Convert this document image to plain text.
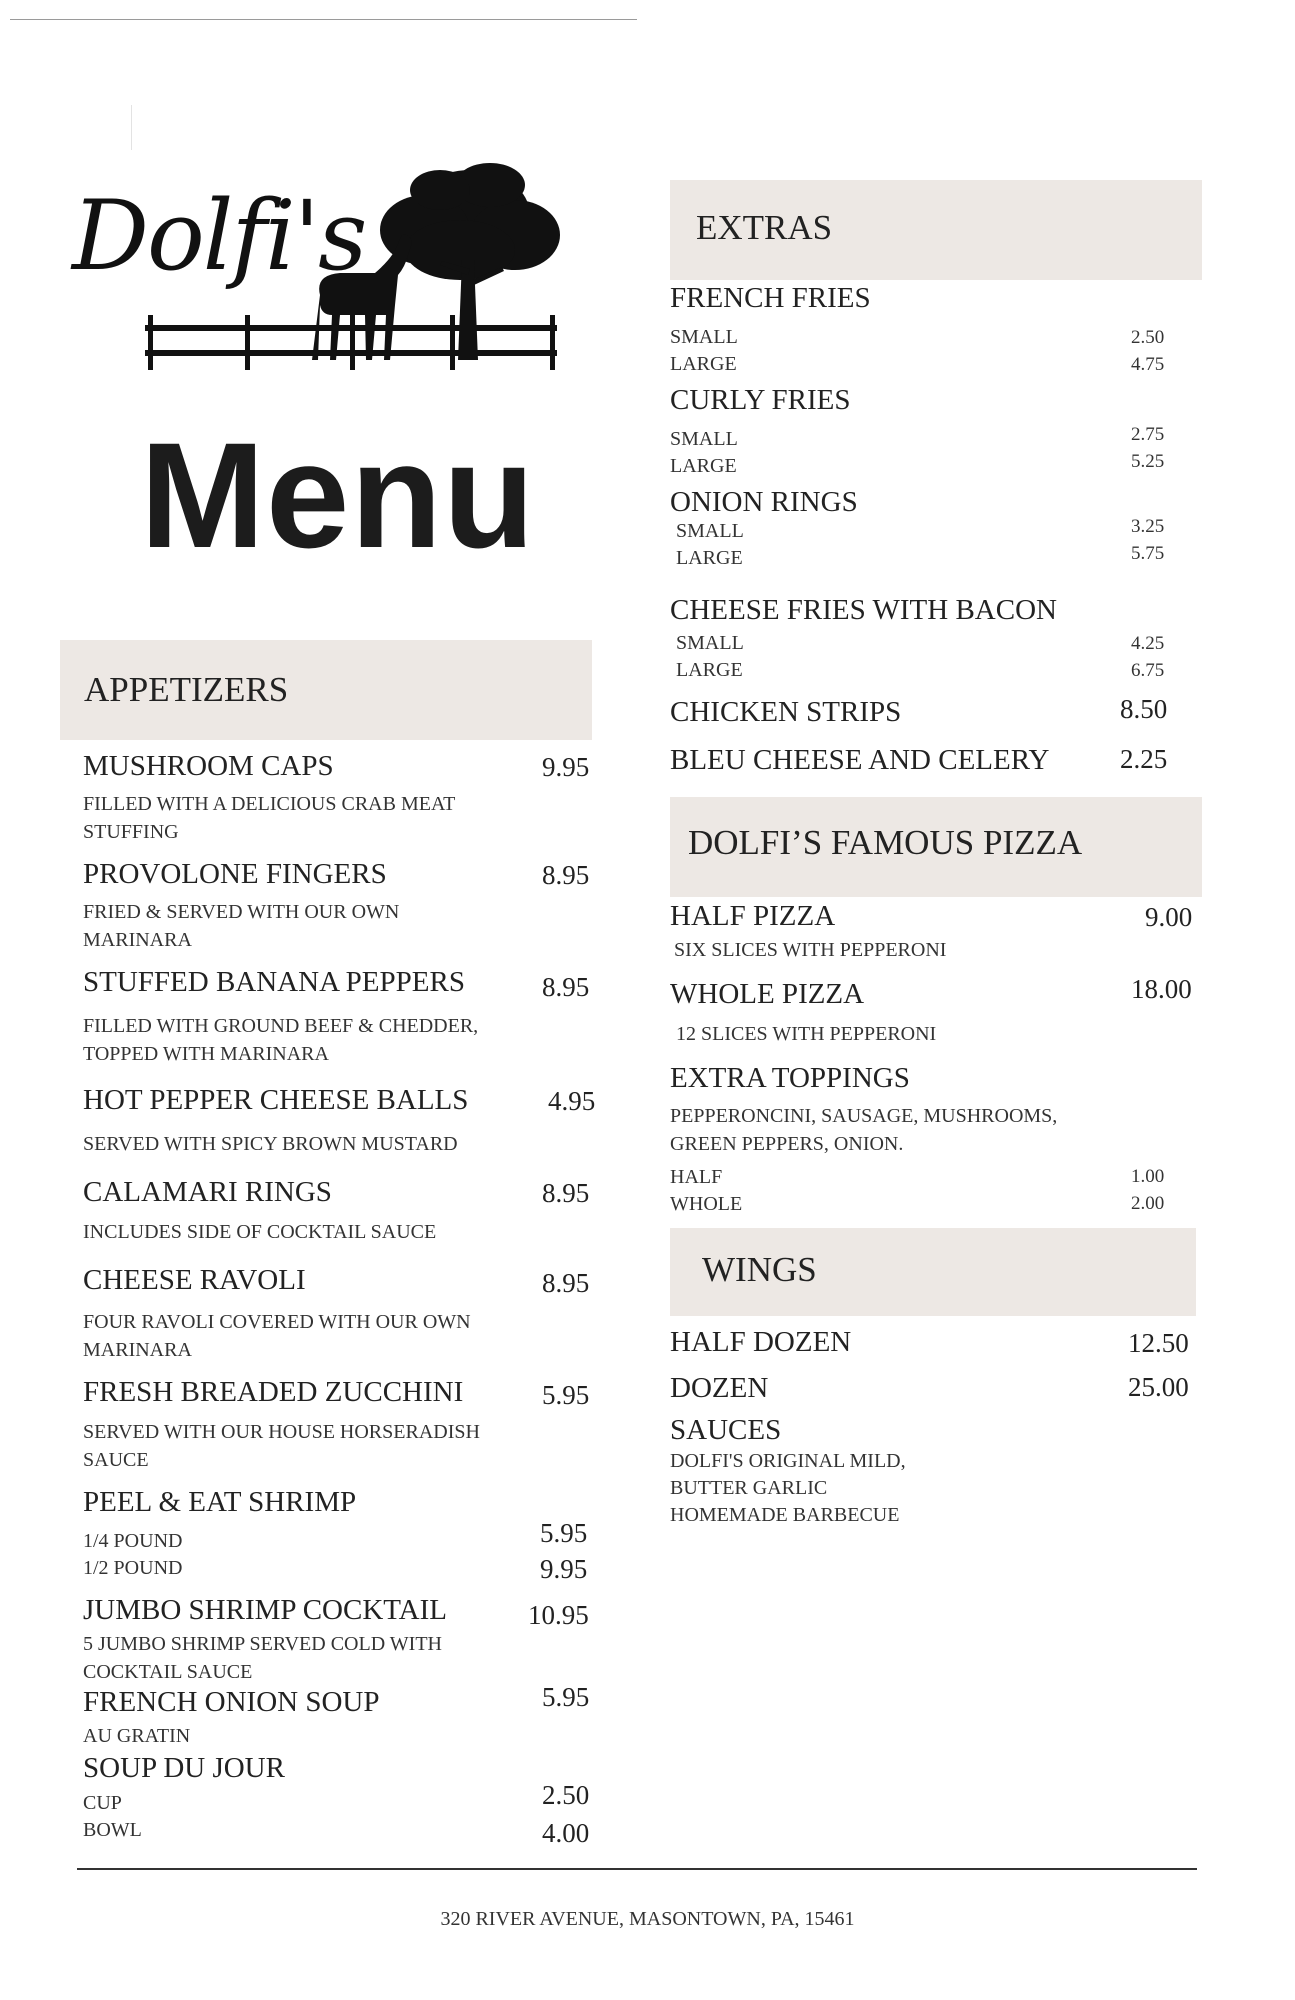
Dolfi's
Menu
APPETIZERS
MUSHROOM CAPS	9.95
FILLED WITH A DELICIOUS CRAB MEAT STUFFING
PROVOLONE FINGERS	8.95
FRIED & SERVED WITH OUR OWN MARINARA
STUFFED BANANA PEPPERS	8.95
FILLED WITH GROUND BEEF & CHEDDER, TOPPED WITH MARINARA
HOT PEPPER CHEESE BALLS	4.95
SERVED WITH SPICY BROWN MUSTARD
CALAMARI RINGS	8.95
INCLUDES SIDE OF COCKTAIL SAUCE
CHEESE RAVOLI	8.95
FOUR RAVOLI COVERED WITH OUR OWN MARINARA
FRESH BREADED ZUCCHINI	5.95
SERVED WITH OUR HOUSE HORSERADISH SAUCE
PEEL & EAT SHRIMP
1/4 POUND	5.95
1/2 POUND	9.95
JUMBO SHRIMP COCKTAIL	10.95
5 JUMBO SHRIMP SERVED COLD WITH COCKTAIL SAUCE
FRENCH ONION SOUP	5.95
AU GRATIN
SOUP DU JOUR
CUP	2.50
BOWL	4.00
EXTRAS
FRENCH FRIES
SMALL	2.50
LARGE	4.75
CURLY FRIES
SMALL	2.75
LARGE	5.25
ONION RINGS
SMALL	3.25
LARGE	5.75
CHEESE FRIES WITH BACON
SMALL	4.25
LARGE	6.75
CHICKEN STRIPS	8.50
BLEU CHEESE AND CELERY	2.25
DOLFI’S FAMOUS PIZZA
HALF PIZZA	9.00
SIX SLICES WITH PEPPERONI
WHOLE PIZZA	18.00
12 SLICES WITH PEPPERONI
EXTRA TOPPINGS
PEPPERONCINI, SAUSAGE, MUSHROOMS, GREEN PEPPERS, ONION.
HALF	1.00
WHOLE	2.00
WINGS
HALF DOZEN	12.50
DOZEN	25.00
SAUCES
DOLFI'S ORIGINAL MILD,
BUTTER GARLIC
HOMEMADE BARBECUE
320 RIVER AVENUE, MASONTOWN, PA, 15461
